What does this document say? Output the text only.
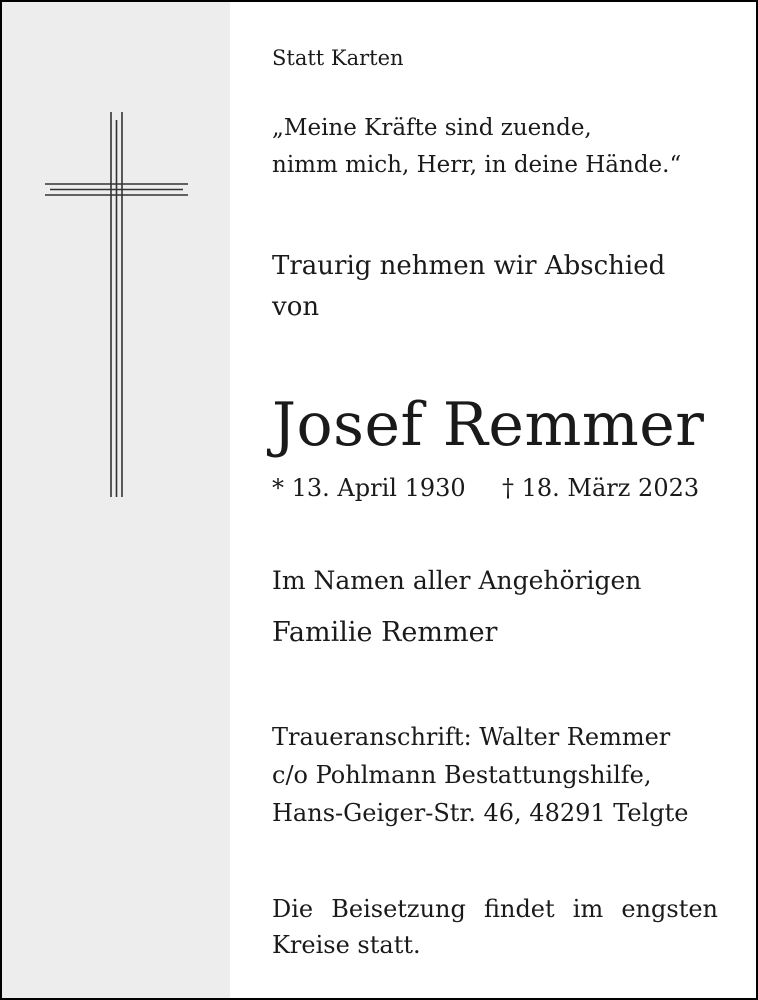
Statt Karten
„Meine Kräfte sind zuende,
nimm mich, Herr, in deine Hände.“
Traurig nehmen wir Abschied
von
Josef Remmer
* 13. April 1930 † 18. März 2023
Im Namen aller Angehörigen
Familie Remmer
Traueranschrift: Walter Remmer
c/o Pohlmann Bestattungshilfe,
Hans-Geiger-Str. 46, 48291 Telgte
Die Beisetzung findet im engsten
Kreise statt.
